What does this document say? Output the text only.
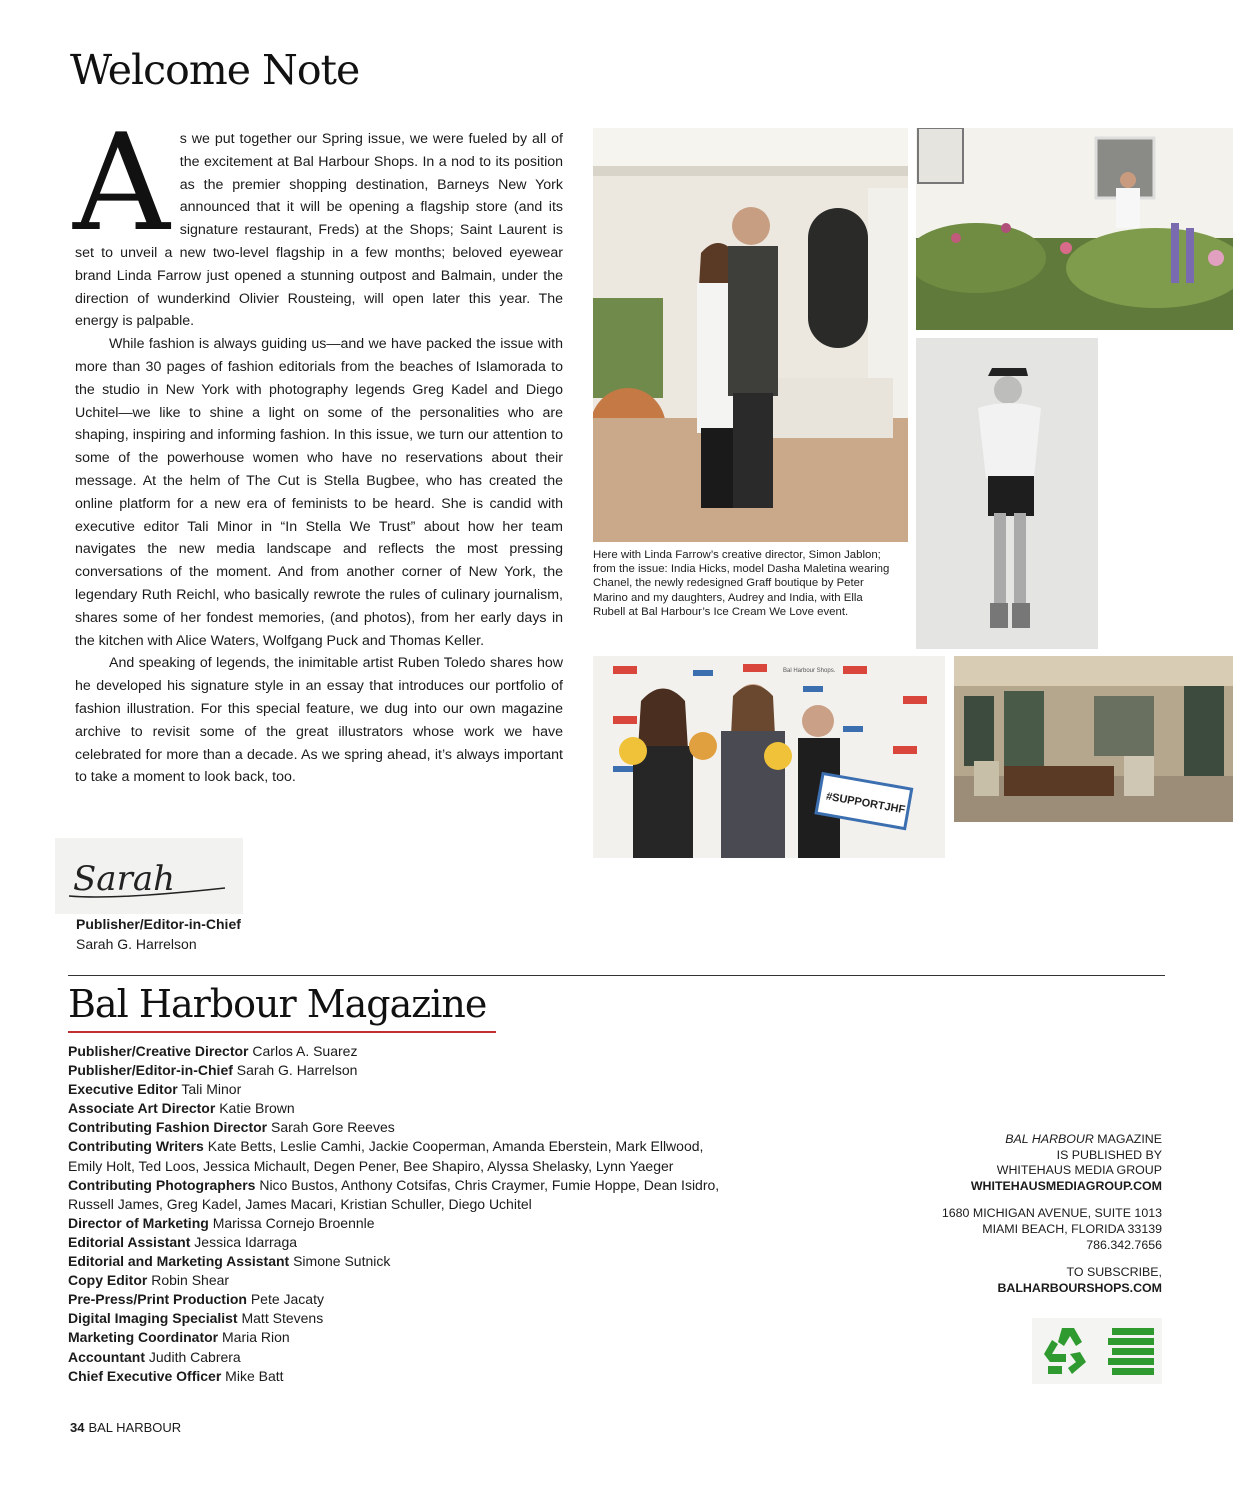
Welcome Note

As we put together our Spring issue, we were fueled by all of the excitement at Bal Harbour Shops. In a nod to its position as the premier shopping destination, Barneys New York announced that it will be opening a flagship store (and its signature restaurant, Freds) at the Shops; Saint Laurent is set to unveil a new two-level flagship in a few months; beloved eyewear brand Linda Farrow just opened a stunning outpost and Balmain, under the direction of wunderkind Olivier Rousteing, will open later this year. The energy is palpable.

While fashion is always guiding us—and we have packed the issue with more than 30 pages of fashion editorials from the beaches of Islamorada to the studio in New York with photography legends Greg Kadel and Diego Uchitel—we like to shine a light on some of the personalities who are shaping, inspiring and informing fashion. In this issue, we turn our attention to some of the powerhouse women who have no reservations about their message. At the helm of The Cut is Stella Bugbee, who has created the online platform for a new era of feminists to be heard. She is candid with executive editor Tali Minor in “In Stella We Trust” about how her team navigates the new media landscape and reflects the most pressing conversations of the moment. And from another corner of New York, the legendary Ruth Reichl, who basically rewrote the rules of culinary journalism, shares some of her fondest memories, (and photos), from her early days in the kitchen with Alice Waters, Wolfgang Puck and Thomas Keller.

And speaking of legends, the inimitable artist Ruben Toledo shares how he developed his signature style in an essay that introduces our portfolio of fashion illustration. For this special feature, we dug into our own magazine archive to revisit some of the great illustrators whose work we have celebrated for more than a decade. As we spring ahead, it’s always important to take a moment to look back, too.

Here with Linda Farrow’s creative director, Simon Jablon; from the issue: India Hicks, model Dasha Maletina wearing Chanel, the newly redesigned Graff boutique by Peter Marino and my daughters, Audrey and India, with Ella Rubell at Bal Harbour’s Ice Cream We Love event.
Bal Harbour Shops.
#SUPPORTJHF
Sarah
Publisher/Editor-in-Chief
Sarah G. Harrelson
Bal Harbour Magazine
Publisher/Creative Director Carlos A. Suarez
Publisher/Editor-in-Chief Sarah G. Harrelson
Executive Editor Tali Minor
Associate Art Director Katie Brown
Contributing Fashion Director Sarah Gore Reeves
Contributing Writers Kate Betts, Leslie Camhi, Jackie Cooperman, Amanda Eberstein, Mark Ellwood, Emily Holt, Ted Loos, Jessica Michault, Degen Pener, Bee Shapiro, Alyssa Shelasky, Lynn Yaeger
Contributing Photographers Nico Bustos, Anthony Cotsifas, Chris Craymer, Fumie Hoppe, Dean Isidro, Russell James, Greg Kadel, James Macari, Kristian Schuller, Diego Uchitel
Director of Marketing Marissa Cornejo Broennle
Editorial Assistant Jessica Idarraga
Editorial and Marketing Assistant Simone Sutnick
Copy Editor Robin Shear
Pre-Press/Print Production Pete Jacaty
Digital Imaging Specialist Matt Stevens
Marketing Coordinator Maria Rion
Accountant Judith Cabrera
Chief Executive Officer Mike Batt
BAL HARBOUR MAGAZINE
IS PUBLISHED BY
WHITEHAUS MEDIA GROUP
WHITEHAUSMEDIAGROUP.COM
1680 MICHIGAN AVENUE, SUITE 1013
MIAMI BEACH, FLORIDA 33139
786.342.7656
TO SUBSCRIBE,
BALHARBOURSHOPS.COM
34 BAL HARBOUR
